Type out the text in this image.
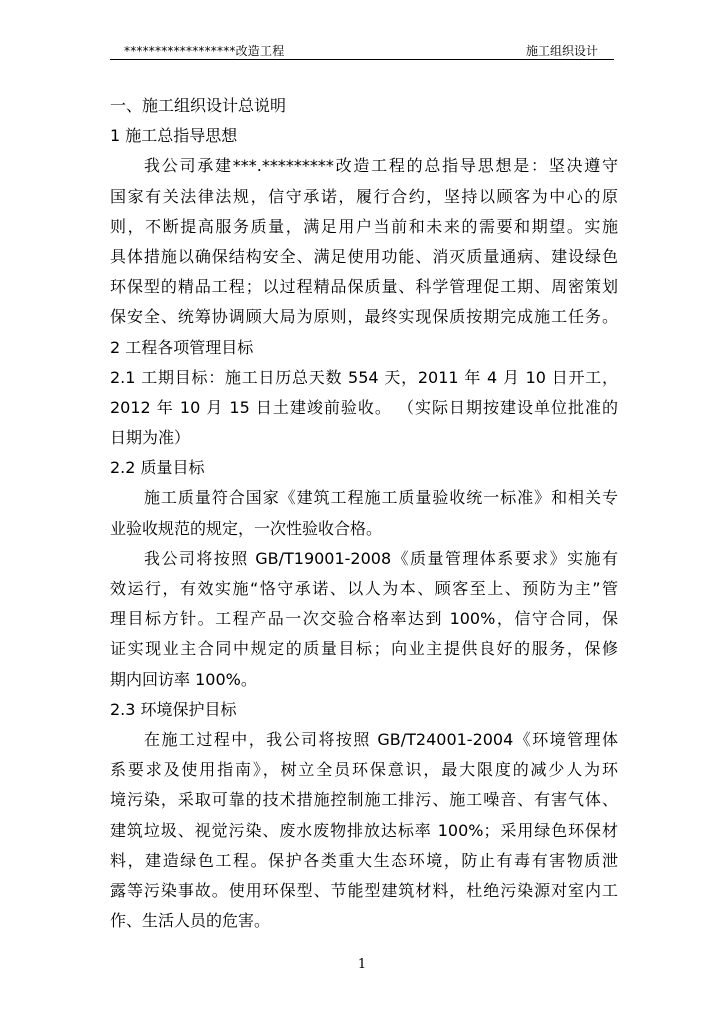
******************改造工程	施工组织设计
一、施工组织设计总说明
1 施工总指导思想
我公司承建***.*********改造工程的总指导思想是：坚决遵守
国家有关法律法规，信守承诺，履行合约，坚持以顾客为中心的原
则，不断提高服务质量，满足用户当前和未来的需要和期望。实施
具体措施以确保结构安全、满足使用功能、消灭质量通病、建设绿色
环保型的精品工程；以过程精品保质量、科学管理促工期、周密策划
保安全、统筹协调顾大局为原则，最终实现保质按期完成施工任务。
2 工程各项管理目标
2.1 工期目标：施工日历总天数 554 天，2011 年 4 月 10 日开工，
2012 年 10 月 15 日土建竣前验收。 （实际日期按建设单位批准的
日期为准）
2.2 质量目标
施工质量符合国家《建筑工程施工质量验收统一标准》和相关专
业验收规范的规定，一次性验收合格。
我公司将按照 GB/T19001-2008《质量管理体系要求》实施有
效运行，有效实施“恪守承诺、以人为本、顾客至上、预防为主”管
理目标方针。工程产品一次交验合格率达到 100%，信守合同，保
证实现业主合同中规定的质量目标；向业主提供良好的服务，保修
期内回访率 100%。
2.3 环境保护目标
在施工过程中，我公司将按照 GB/T24001-2004《环境管理体
系要求及使用指南》，树立全员环保意识，最大限度的减少人为环
境污染，采取可靠的技术措施控制施工排污、施工噪音、有害气体、
建筑垃圾、视觉污染、废水废物排放达标率 100%；采用绿色环保材
料，建造绿色工程。保护各类重大生态环境，防止有毒有害物质泄
露等污染事故。使用环保型、节能型建筑材料，杜绝污染源对室内工
作、生活人员的危害。
1
